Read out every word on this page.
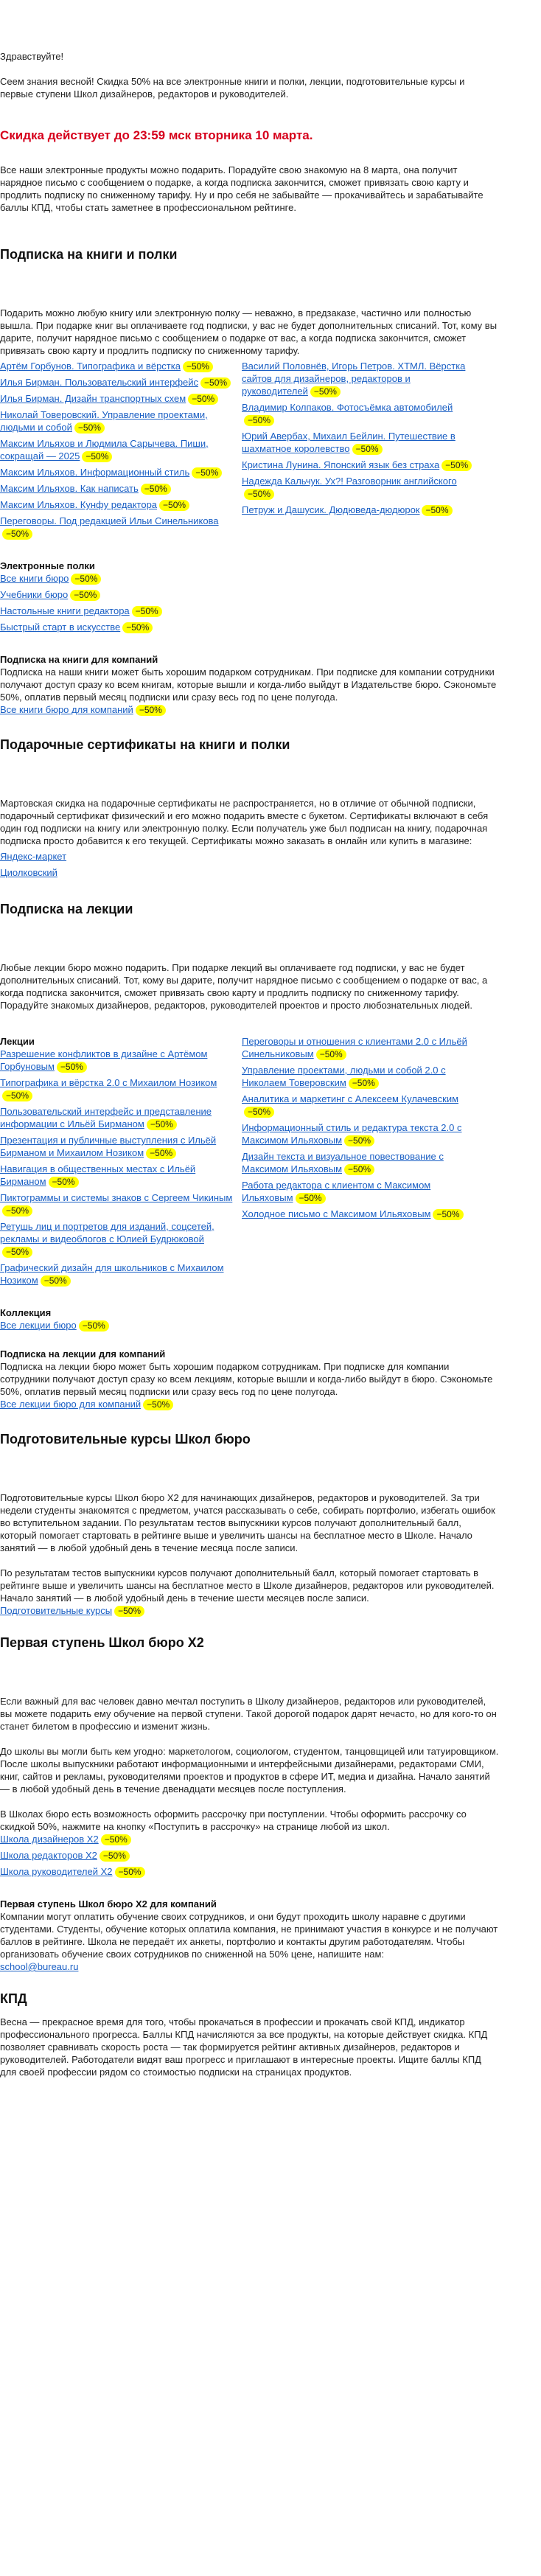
Здравствуйте!

Сеем знания весной! Скидка 50% на все электронные книги и полки, лекции, подготовительные курсы и первые ступени Школ дизайнеров, редакторов и руководителей.

Скидка действует до 23:59 мск вторника 10 марта.

Все наши электронные продукты можно подарить. Порадуйте свою знакомую на 8 марта, она получит нарядное письмо с сообщением о подарке, а когда подписка закончится, сможет привязать свою карту и продлить подписку по сниженному тарифу. Ну и про себя не забывайте — прокачивайтесь и зарабатывайте баллы КПД, чтобы стать заметнее в профессиональном рейтинге.

Подписка на книги и полки

Подарить можно любую книгу или электронную полку — неважно, в предзаказе, частично или полностью вышла. При подарке книг вы оплачиваете год подписки, у вас не будет дополнительных списаний. Тот, кому вы дарите, получит нарядное письмо с сообщением о подарке от вас, а когда подписка закончится, сможет привязать свою карту и продлить подписку по сниженному тарифу.

Артём Горбунов. Типографика и вёрстка −50%
Илья Бирман. Пользовательский интерфейс −50%
Илья Бирман. Дизайн транспортных схем −50%
Николай Товеровский. Управление проектами, людьми и собой −50%
Максим Ильяхов и Людмила Сарычева. Пиши, сокращай — 2025 −50%
Максим Ильяхов. Информационный стиль −50%
Максим Ильяхов. Как написать −50%
Максим Ильяхов. Кунфу редактора −50%
Переговоры. Под редакцией Ильи Синельникова−50%
Василий Половнёв, Игорь Петров. ХТМЛ. Вёрстка сайтов для дизайнеров, редакторов и руководителей −50%
Владимир Колпаков. Фотосъёмка автомобилей−50%
Юрий Авербах, Михаил Бейлин. Путешествие в шахматное королевство −50%
Кристина Лунина. Японский язык без страха −50%
Надежда Кальчук. Ух?! Разговорник английского−50%
Петруж и Дашусик. Дюдюведа-дюдюрок −50%
Электронные полки
Все книги бюро −50%
Учебники бюро −50%
Настольные книги редактора −50%
Быстрый старт в искусстве −50%
Подписка на книги для компаний

Подписка на наши книги может быть хорошим подарком сотрудникам. При подписке для компании сотрудники получают доступ сразу ко всем книгам, которые вышли и когда-либо выйдут в Издательстве бюро. Сэкономьте 50%, оплатив первый месяц подписки или сразу весь год по цене полугода.

Все книги бюро для компаний −50%
Подарочные сертификаты на книги и полки

Мартовская скидка на подарочные сертификаты не распространяется, но в отличие от обычной подписки, подарочный сертификат физический и его можно подарить вместе с букетом. Сертификаты включают в себя один год подписки на книгу или электронную полку. Если получатель уже был подписан на книгу, подарочная подписка просто добавится к его текущей. Сертификаты можно заказать в онлайн или купить в магазине:

Яндекс-маркет
Циолковский
Подписка на лекции

Любые лекции бюро можно подарить. При подарке лекций вы оплачиваете год подписки, у вас не будет дополнительных списаний. Тот, кому вы дарите, получит нарядное письмо с сообщением о подарке от вас, а когда подписка закончится, сможет привязать свою карту и продлить подписку по сниженному тарифу. Порадуйте знакомых дизайнеров, редакторов, руководителей проектов и просто любознательных людей.

Лекции
Разрешение конфликтов в дизайне с Артёмом Горбуновым −50%
Типографика и вёрстка 2.0 с Михаилом Нозиком−50%
Пользовательский интерфейс и представление информации с Ильёй Бирманом −50%
Презентация и публичные выступления с Ильёй Бирманом и Михаилом Нозиком −50%
Навигация в общественных местах с Ильёй Бирманом −50%
Пиктограммы и системы знаков с Сергеем Чикиным−50%
Ретушь лиц и портретов для изданий, соцсетей, рекламы и видеоблогов с Юлией Будрюковой−50%
Графический дизайн для школьников с Михаилом Нозиком −50%
Переговоры и отношения с клиентами 2.0 с Ильёй Синельниковым −50%
Управление проектами, людьми и собой 2.0 с Николаем Товеровским −50%
Аналитика и маркетинг с Алексеем Кулачевским−50%
Информационный стиль и редактура текста 2.0 с Максимом Ильяховым −50%
Дизайн текста и визуальное повествование с Максимом Ильяховым −50%
Работа редактора с клиентом с Максимом Ильяховым −50%
Холодное письмо с Максимом Ильяховым −50%
Коллекция
Все лекции бюро −50%
Подписка на лекции для компаний

Подписка на лекции бюро может быть хорошим подарком сотрудникам. При подписке для компании сотрудники получают доступ сразу ко всем лекциям, которые вышли и когда-либо выйдут в бюро. Сэкономьте 50%, оплатив первый месяц подписки или сразу весь год по цене полугода.

Все лекции бюро для компаний −50%
Подготовительные курсы Школ бюро

Подготовительные курсы Школ бюро Х2 для начинающих дизайнеров, редакторов и руководителей. За три недели студенты знакомятся с предметом, учатся рассказывать о себе, собирать портфолио, избегать ошибок во вступительном задании. По результатам тестов выпускники курсов получают дополнительный балл, который помогает стартовать в рейтинге выше и увеличить шансы на бесплатное место в Школе. Начало занятий — в любой удобный день в течение месяца после записи.

По результатам тестов выпускники курсов получают дополнительный балл, который помогает стартовать в рейтинге выше и увеличить шансы на бесплатное место в Школе дизайнеров, редакторов или руководителей. Начало занятий — в любой удобный день в течение шести месяцев после записи.

Подготовительные курсы −50%
Первая ступень Школ бюро Х2

Если важный для вас человек давно мечтал поступить в Школу дизайнеров, редакторов или руководителей, вы можете подарить ему обучение на первой ступени. Такой дорогой подарок дарят нечасто, но для кого-то он станет билетом в профессию и изменит жизнь.

До школы вы могли быть кем угодно: маркетологом, социологом, студентом, танцовщицей или татуировщиком. После школы выпускники работают информационными и интерфейсными дизайнерами, редакторами СМИ, книг, сайтов и рекламы, руководителями проектов и продуктов в сфере ИТ, медиа и дизайна. Начало занятий — в любой удобный день в течение двенадцати месяцев после поступления.

В Школах бюро есть возможность оформить рассрочку при поступлении. Чтобы оформить рассрочку со скидкой 50%, нажмите на кнопку «Поступить в рассрочку» на странице любой из школ.

Школа дизайнеров Х2 −50%
Школа редакторов Х2 −50%
Школа руководителей Х2 −50%
Первая ступень Школ бюро Х2 для компаний

Компании могут оплатить обучение своих сотрудников, и они будут проходить школу наравне с другими студентами. Студенты, обучение которых оплатила компания, не принимают участия в конкурсе и не получают баллов в рейтинге. Школа не передаёт их анкеты, портфолио и контакты другим работодателям. Чтобы организовать обучение своих сотрудников по сниженной на 50% цене, напишите нам:

school@bureau.ru
КПД

Весна — прекрасное время для того, чтобы прокачаться в профессии и прокачать свой КПД, индикатор профессионального прогресса. Баллы КПД начисляются за все продукты, на которые действует скидка. КПД позволяет сравнивать скорость роста — так формируется рейтинг активных дизайнеров, редакторов и руководителей. Работодатели видят ваш прогресс и приглашают в интересные проекты. Ищите баллы КПД для своей профессии рядом со стоимостью подписки на страницах продуктов.
